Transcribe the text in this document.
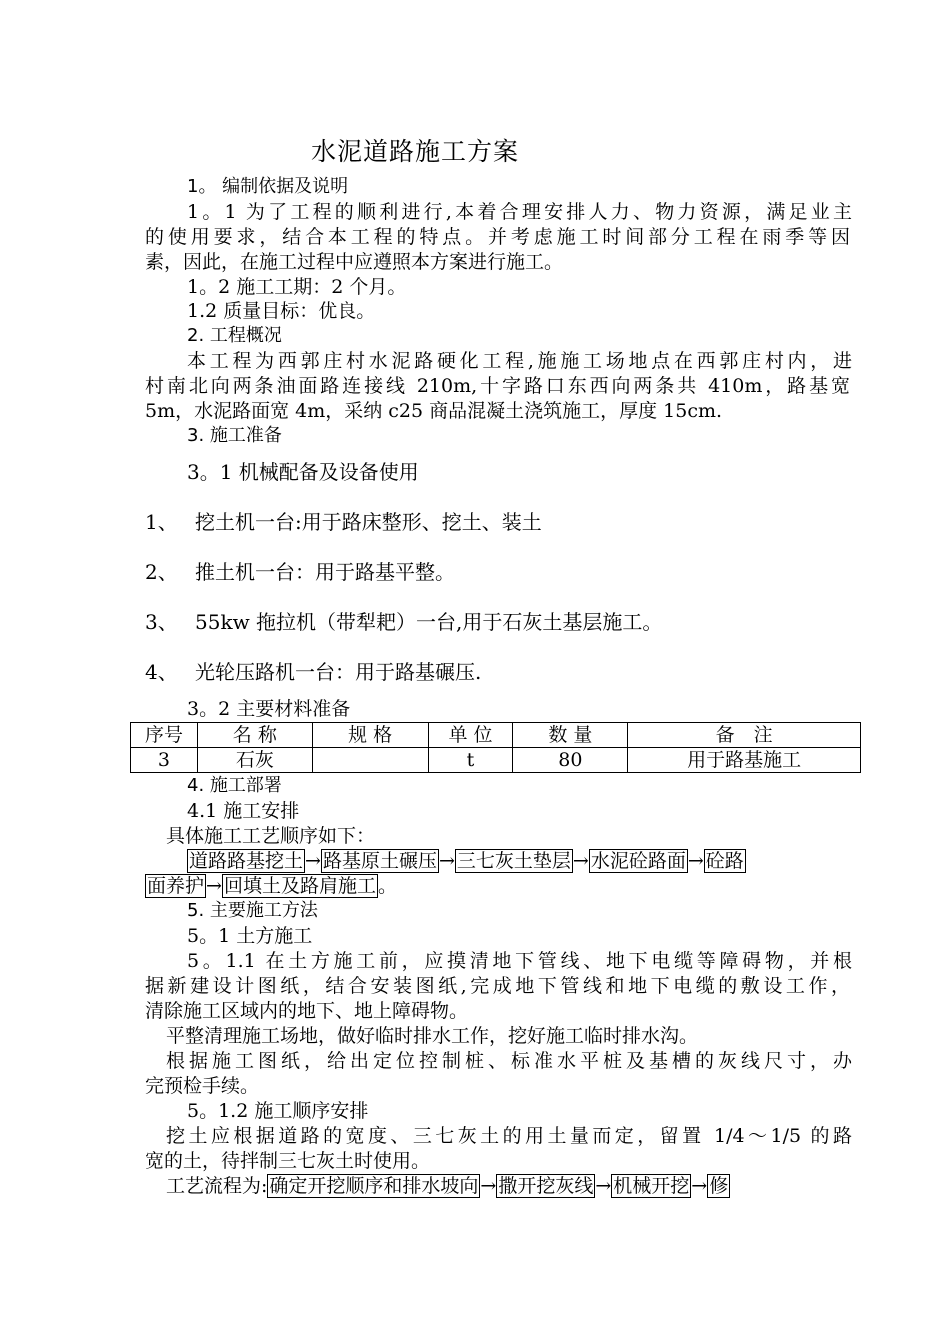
水泥道路施工方案
1。 编制依据及说明
1。1 为了工程的顺利进行,本着合理安排人力、物力资源，满足业主
的使用要求，结合本工程的特点。并考虑施工时间部分工程在雨季等因
素，因此，在施工过程中应遵照本方案进行施工。
1。2 施工工期：2 个月。
1.2 质量目标：优良。
2. 工程概况
本工程为西郭庄村水泥路硬化工程,施施工场地点在西郭庄村内，进
村南北向两条油面路连接线 210m,十字路口东西向两条共 410m，路基宽
5m，水泥路面宽 4m，采纳 c25 商品混凝土浇筑施工，厚度 15cm.
3. 施工准备
3。1 机械配备及设备使用
1、 挖土机一台:用于路床整形、挖土、装土
2、 推土机一台：用于路基平整。
3、 55kw 拖拉机（带犁耙）一台,用于石灰土基层施工。
4、 光轮压路机一台：用于路基碾压.
3。2 主要材料准备
序号	名 称	规 格	单 位	数 量	备　注
3	石灰		t	80	用于路基施工
4. 施工部署
4.1 施工安排
具体施工工艺顺序如下：
道路路基挖土 → 路基原土碾压 → 三七灰土垫层 → 水泥砼路面 → 砼路
面养护 → 回填土及路肩施工 。
5. 主要施工方法
5。1 土方施工
5。1.1 在土方施工前，应摸清地下管线、地下电缆等障碍物，并根
据新建设计图纸，结合安装图纸,完成地下管线和地下电缆的敷设工作，
清除施工区域内的地下、地上障碍物。
平整清理施工场地，做好临时排水工作，挖好施工临时排水沟。
根据施工图纸，给出定位控制桩、标准水平桩及基槽的灰线尺寸，办
完预检手续。
5。1.2 施工顺序安排
挖土应根据道路的宽度、三七灰土的用土量而定，留置 1/4～1/5 的路
宽的土，待拌制三七灰土时使用。
工艺流程为: 确定开挖顺序和排水坡向 → 撒开挖灰线 → 机械开挖 → 修
